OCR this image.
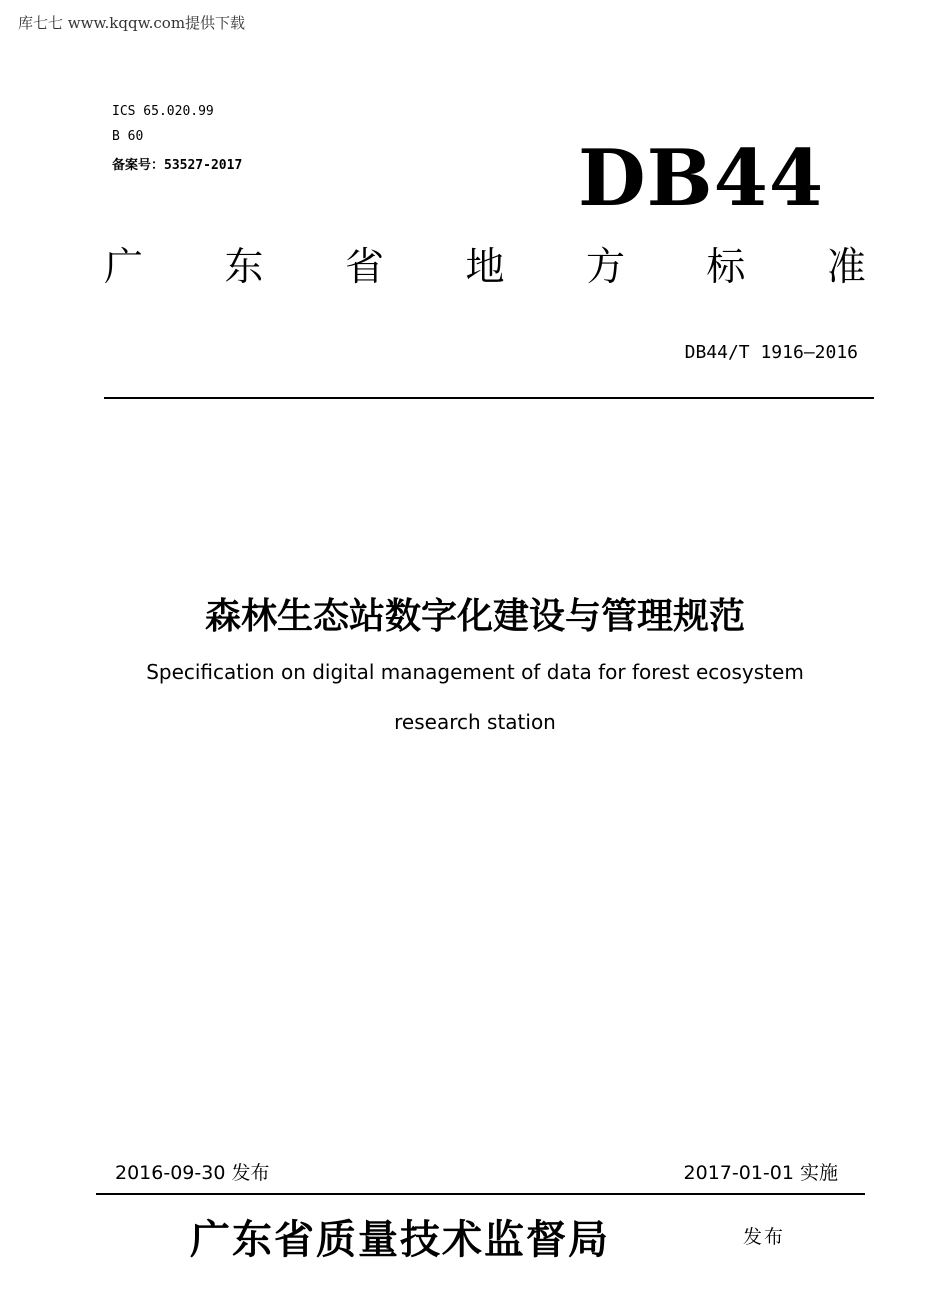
库七七 www.kqqw.com提供下载
ICS 65.020.99
B 60
备案号：53527-2017	DB44
广 东 省 地 方 标 准
DB44/T 1916—2016
森林生态站数字化建设与管理规范
Specification on digital management of data for forest ecosystem
research station
2016-09-30 发布	2017-01-01 实施
广东省质量技术监督局	发布
